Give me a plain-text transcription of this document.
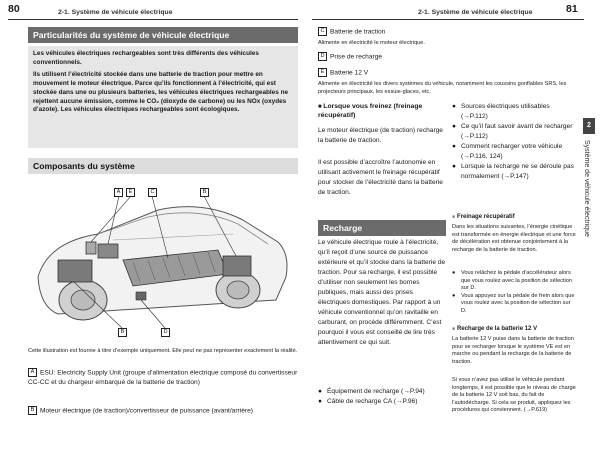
80	2-1. Système de véhicule électrique	2-1. Système de véhicule électrique	81
Particularités du système de véhicule électrique

Les véhicules électriques rechargeables sont très différents des véhicules conventionnels.

Ils utilisent l’électricité stockée dans une batterie de traction pour mettre en mouvement le moteur électrique. Parce qu’ils fonctionnent à l’électricité, qui est stockée dans une ou plusieurs batteries, les véhicules électriques rechargeables ne rejettent aucune émission, comme le CO₂ (dioxyde de carbone) ou les NOx (oxydes d’azote). Les véhicules électriques rechargeables sont écologiques.

Composants du système
A	E	C	B
B	D
Cette illustration est fournie à titre d’exemple uniquement. Elle peut ne pas représenter exactement la réalité.
A ESU: Electricity Supply Unit (groupe d’alimentation électrique composé du convertisseur CC-CC et du chargeur embarqué de la batterie de traction)
B Moteur électrique (de traction)/convertisseur de puissance (avant/arrière)
C Batterie de traction
Alimente en électricité le moteur électrique.
D Prise de recharge
E Batterie 12 V
Alimente en électricité les divers systèmes du véhicule, notamment les coussins gonflables SRS, les projecteurs principaux, les essuie-glaces, etc.
■ Lorsque vous freinez (freinage récupératif)
Le moteur électrique (de traction) recharge la batterie de traction.
Il est possible d’accroître l’autonomie en utilisant activement le freinage récupératif pour stocker de l’électricité dans la batterie de traction.
Recharge
Le véhicule électrique roule à l’électricité, qu’il reçoit d’une source de puissance extérieure et qu’il stocke dans la batterie de traction. Pour sa recharge, il est possible d’utiliser non seulement les bornes publiques, mais aussi des prises électriques domestiques. Par rapport à un véhicule conventionnel qu’on ravitaille en carburant, on procède différemment. C’est pourquoi il vous est conseillé de lire très attentivement ce qui suit.
● Équipement de recharge (→P.94)
● Câble de recharge CA (→P.96)
● Sources électriques utilisables (→P.112)
● Ce qu’il faut savoir avant de recharger (→P.112)
● Comment recharger votre véhicule (→P.116, 124)
● Lorsque la recharge ne se déroule pas normalement (→P.147)
■ Freinage récupératif
Dans les situations suivantes, l’énergie cinétique est transformée en énergie électrique et une force de décélération est obtenue conjointement à la recharge de la batterie de traction.
● Vous relâchez la pédale d’accélérateur alors que vous roulez avec la position de sélection sur D.
● Vous appuyez sur la pédale de frein alors que vous roulez avec la position de sélection sur D.
■ Recharge de la batterie 12 V
La batterie 12 V puise dans la batterie de traction pour se recharger lorsque le système VE est en marche ou pendant la recharge de la batterie de traction.
Si vous n’avez pas utilisé le véhicule pendant longtemps, il est possible que le niveau de charge de la batterie 12 V soit bas, du fait de l’autodécharge. Si cela se produit, appliquez les procédures qui conviennent. (→P.619)
2
Système de véhicule électrique
